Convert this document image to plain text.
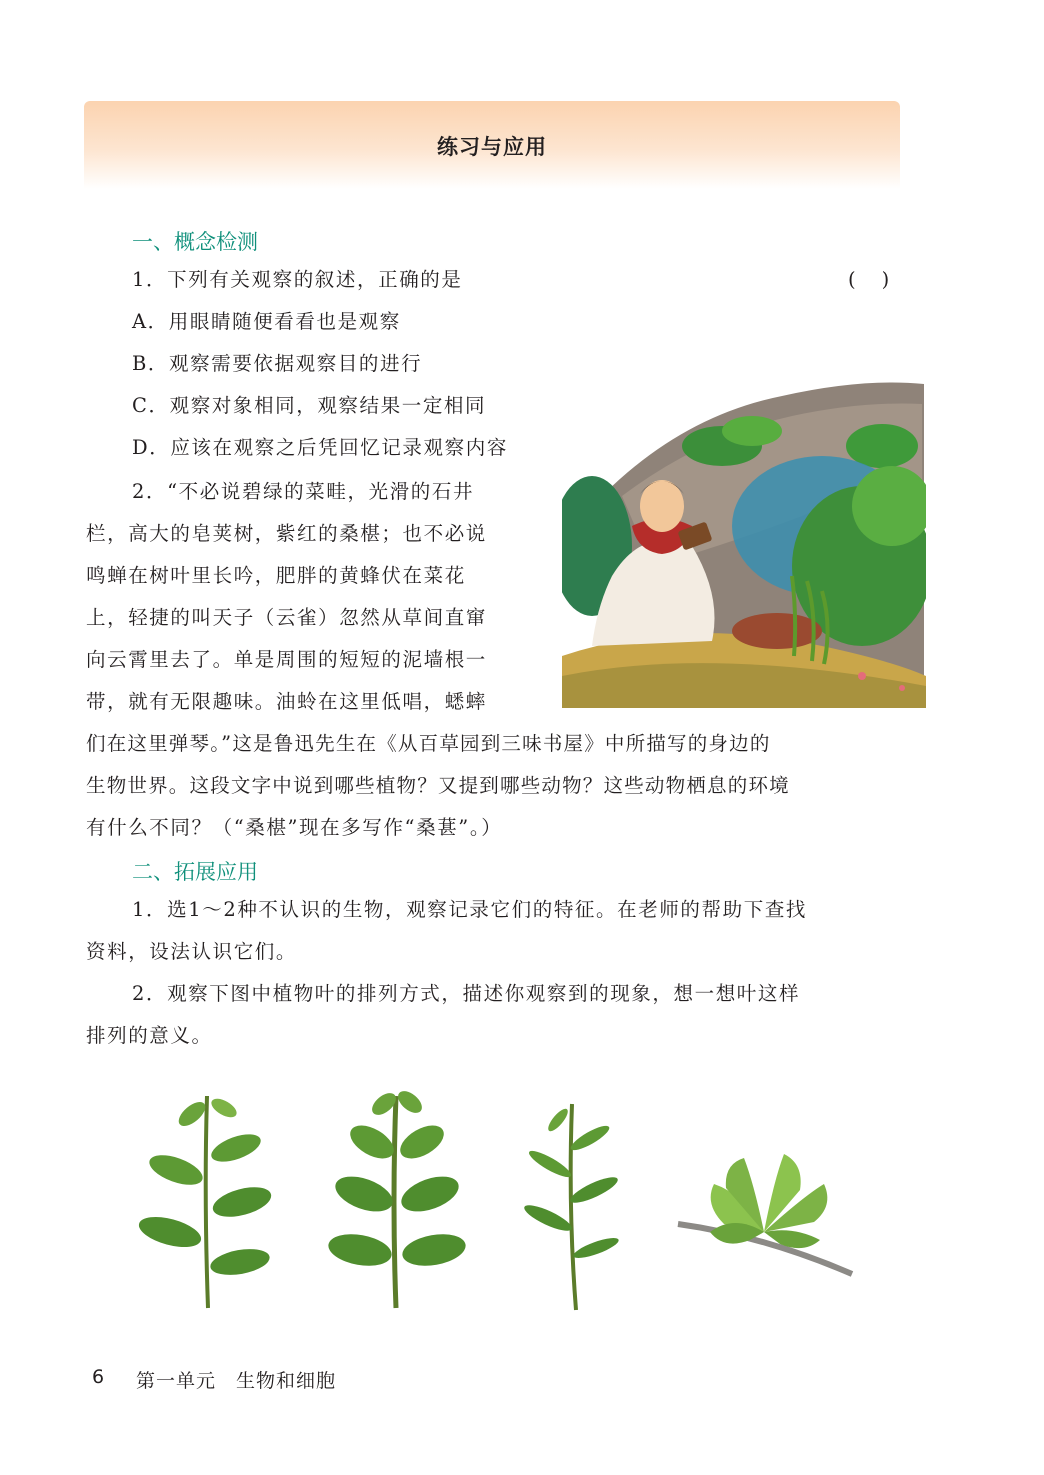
练习与应用
一、概念检测
1．下列有关观察的叙述，正确的是	( )
A．用眼睛随便看看也是观察
B．观察需要依据观察目的进行
C．观察对象相同，观察结果一定相同
D．应该在观察之后凭回忆记录观察内容
2．“不必说碧绿的菜畦，光滑的石井
栏，高大的皂荚树，紫红的桑椹；也不必说
鸣蝉在树叶里长吟，肥胖的黄蜂伏在菜花
上，轻捷的叫天子（云雀）忽然从草间直窜
向云霄里去了。单是周围的短短的泥墙根一
带，就有无限趣味。油蛉在这里低唱，蟋蟀
们在这里弹琴。”这是鲁迅先生在《从百草园到三味书屋》中所描写的身边的
生物世界。这段文字中说到哪些植物？又提到哪些动物？这些动物栖息的环境
有什么不同？（“桑椹”现在多写作“桑葚”。）
二、拓展应用
1．选1～2种不认识的生物，观察记录它们的特征。在老师的帮助下查找
资料，设法认识它们。
2．观察下图中植物叶的排列方式，描述你观察到的现象，想一想叶这样
排列的意义。
6 第一单元　生物和细胞
